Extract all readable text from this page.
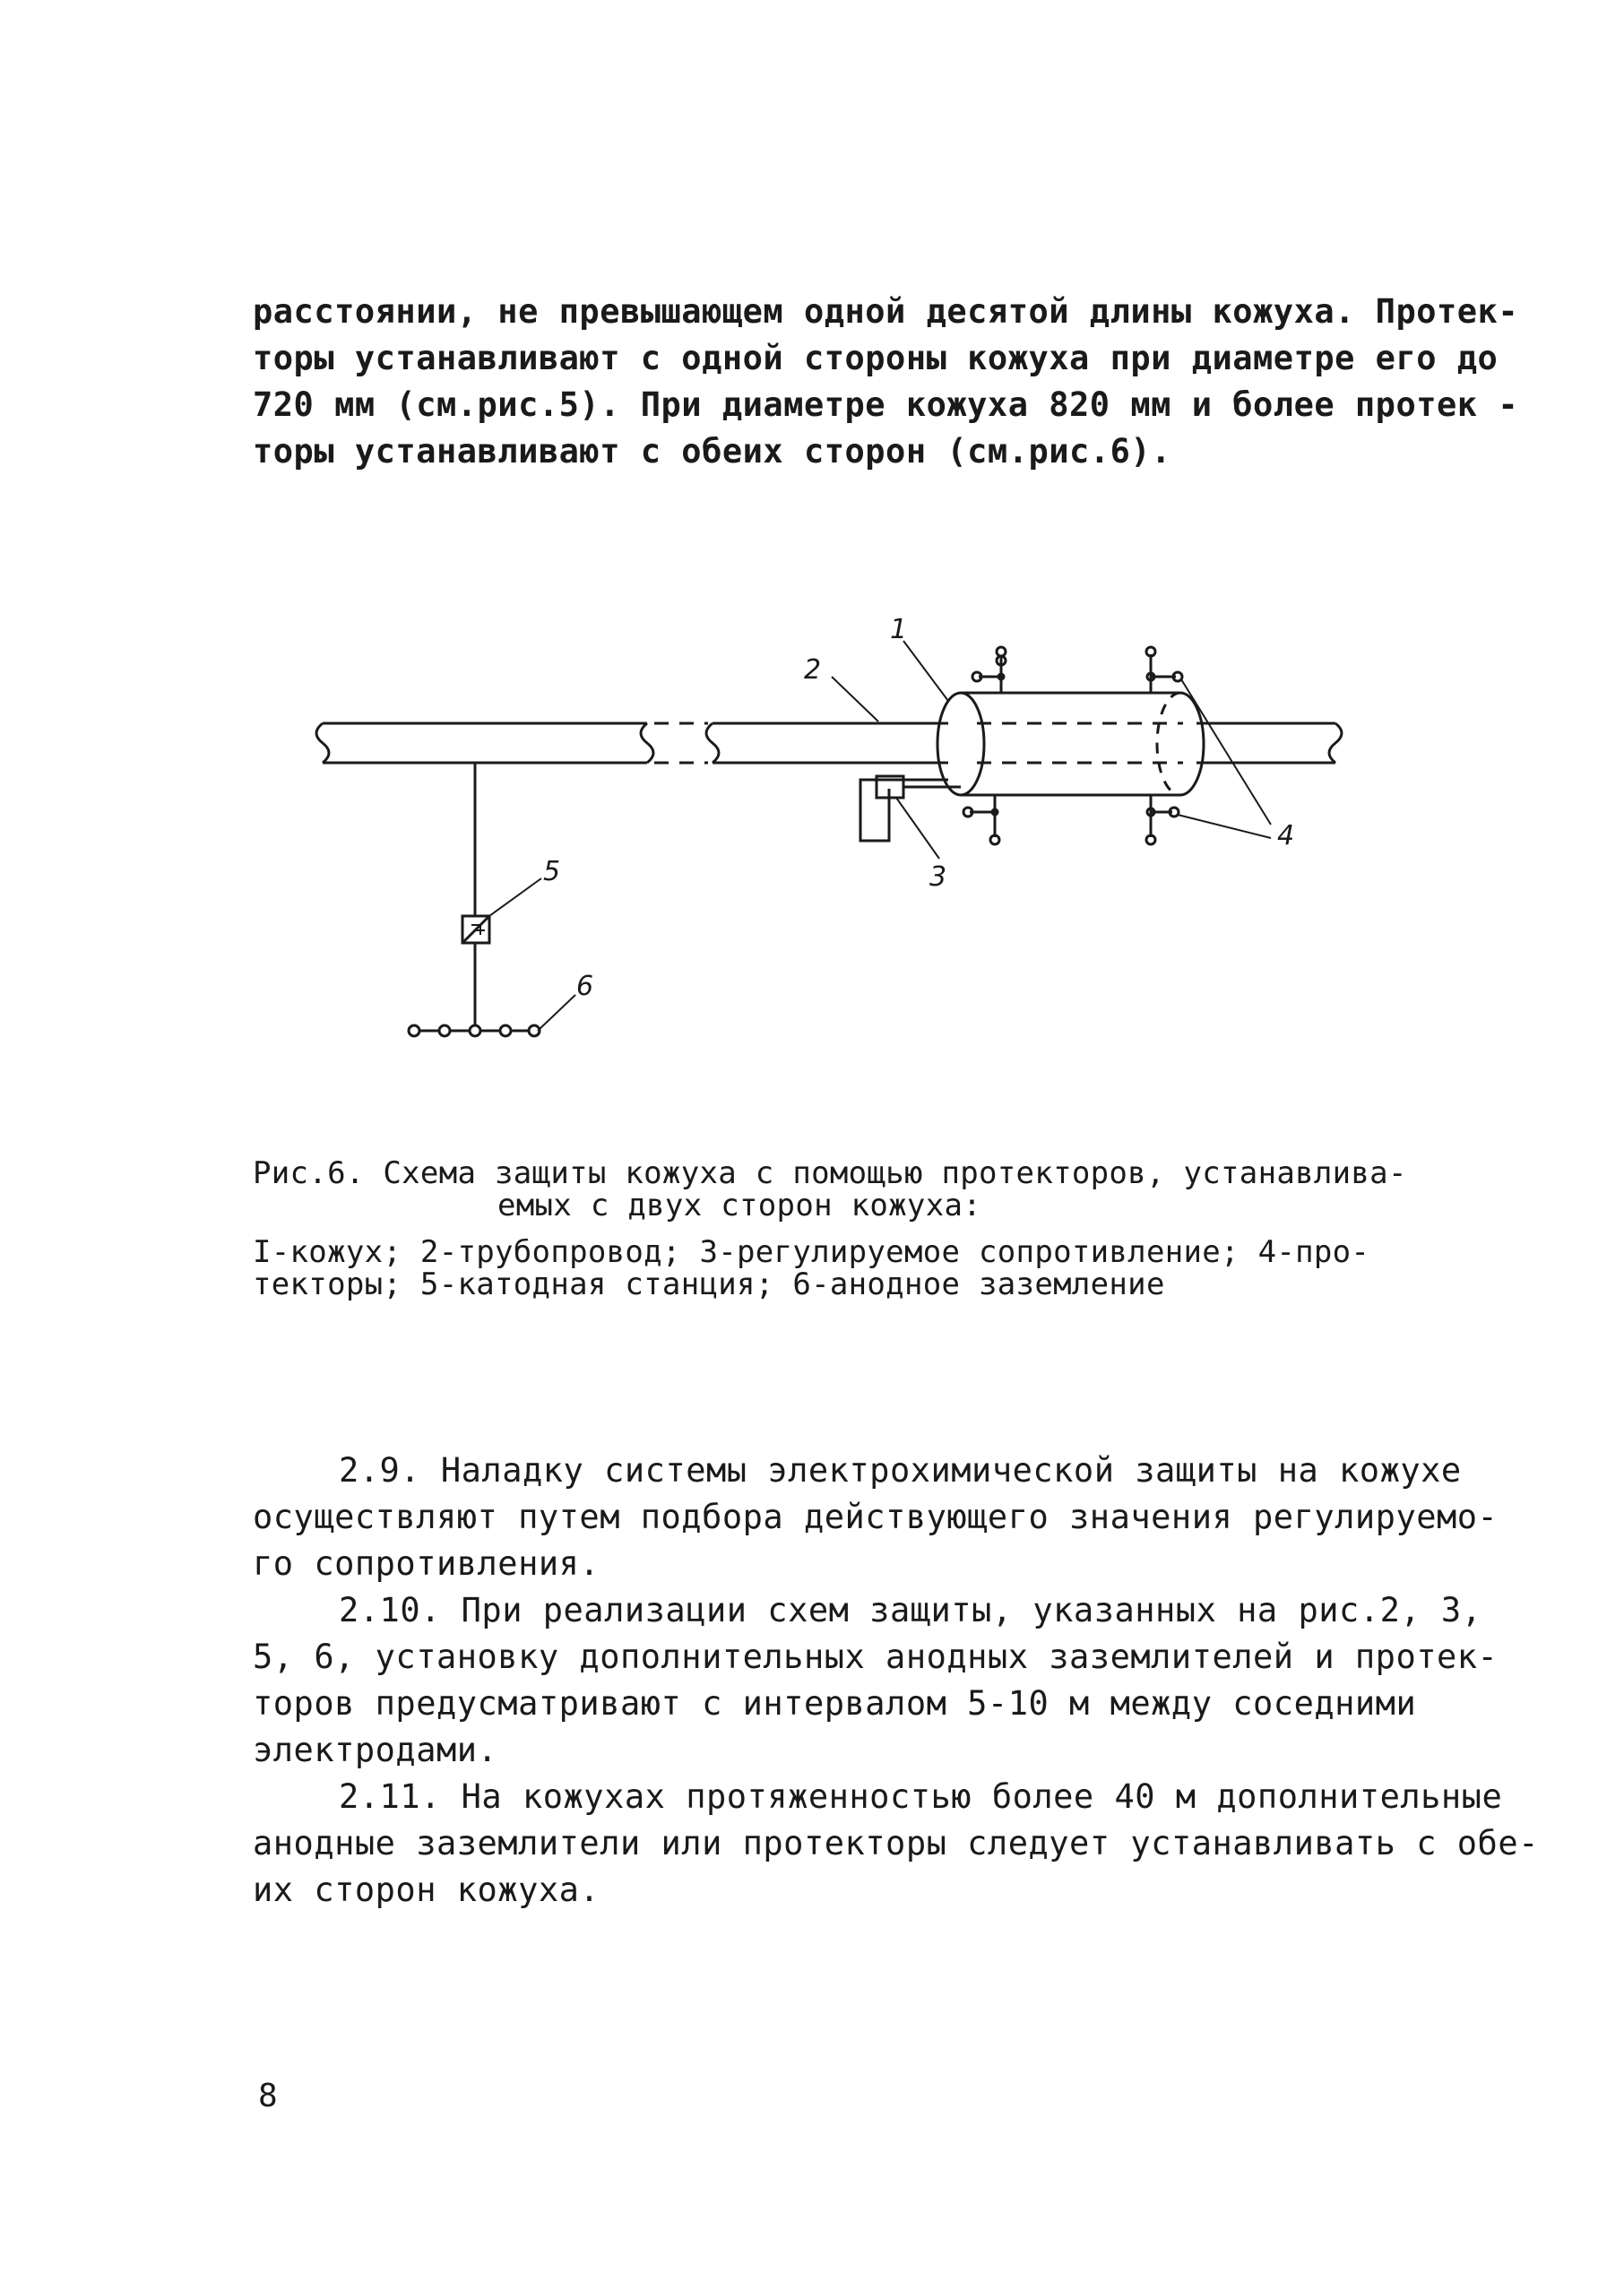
расстоянии, не превышающем одной десятой длины кожуха. Протек-
торы устанавливают с одной стороны кожуха при диаметре его до
720 мм (см.рис.5). При диаметре кожуха 820 мм и более протек -
торы устанавливают с обеих сторон (см.рис.6).
1
2
3
4
5
6
Рис.6. Схема защиты кожуха с помощью протекторов, устанавлива-
емых с двух сторон кожуха:
I-кожух; 2-трубопровод; 3-регулируемое сопротивление; 4-про-
текторы; 5-катодная станция; 6-анодное заземление
2.9. Наладку системы электрохимической защиты на кожухе
осуществляют путем подбора действующего значения регулируемо-
го сопротивления.
2.10. При реализации схем защиты, указанных на рис.2, 3,
5, 6, установку дополнительных анодных заземлителей и протек-
торов предусматривают с интервалом 5-10 м между соседними
электродами.
2.11. На кожухах протяженностью более 40 м дополнительные
анодные заземлители или протекторы следует устанавливать с обе-
их сторон кожуха.
8
